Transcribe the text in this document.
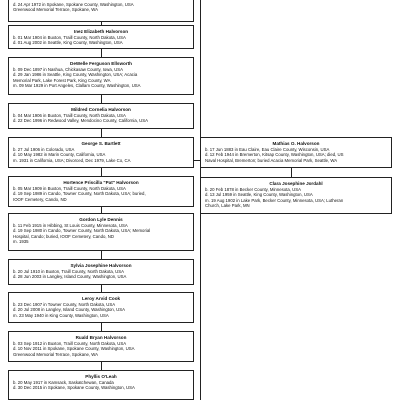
d. 24 Apr 1972 in Spokane, Spokane County, Washington, USA
Greenwood Memorial Terrace, Spokane, WA
Inez Elizabeth Halvorson
b. 01 Mar 1904 in Buxton, Traill County, North Dakota, USA
d. 01 Aug 2002 in Seattle, King County, Washington, USA
DeWelle Ferguson Ellsworth
b. 09 Dec 1897 in Nashua, Chickasaw County, Iowa, USA
d. 29 Jan 1986 in Seattle, King County, Washington, USA; Acacia
Memorial Park, Lake Forest Park, King County, WA
m. 09 Mar 1929 in Port Angeles, Clallam County, Washington, USA
Mildred Cornelia Halvorson
b. 04 Mar 1906 in Buxton, Traill County, North Dakota, USA
d. 22 Dec 1996 in Redwood Valley, Mendocino County, California, USA
George S. Bartlett
b. 27 Jul 1906 in Colorado, USA
d. 10 May 1982 in Marin County, California, USA
m. 1931 in California, USA; Divorced, Dec 1979, Lake Co, CA
Hortence Priscilla "Pat" Halvorson
b. 05 Mar 1909 in Buxton, Traill County, North Dakota, USA
d. 19 Sep 1989 in Cando, Towner County, North Dakota, USA; buried,
IOOF Cemetery, Cando, ND
Gordon Lyle Dennis
b. 11 Feb 1915 in Hibbing, St Louis County, Minnesota, USA
d. 19 Sep 1980 in Cando, Towner County, North Dakota, USA; Memorial
Hospital, Cando; buried, IOOF Cemetery, Cando, ND
m. 1935
Sylvia Josephine Halvorson
b. 20 Jul 1910 in Buxton, Traill County, North Dakota, USA
d. 28 Jun 2003 in Langley, Island County, Washington, USA
Leroy Arvid Cook
b. 23 Dec 1907 in Towner County, North Dakota, USA
d. 20 Jul 2008 in Langley, Island County, Washington, USA
m. 23 May 1940 in King County, Washington, USA
Ruald Bryan Halvorson
b. 03 Sep 1912 in Buxton, Traill County, North Dakota, USA
d. 10 Nov 2011 in Spokane, Spokane County, Washington, USA
Greenwood Memorial Terrace, Spokane, WA
Phyllis O'Leah
b. 20 May 1917 in Kamsack, Saskatchewan, Canada
d. 30 Dec 2015 in Spokane, Spokane County, Washington, USA
Mathias O. Halvorson
b. 17 Jun 1883 in Eau Claire, Eau Claire County, Wisconsin, USA
d. 12 Feb 1944 in Bremerton, Kitsap County, Washington, USA; died, US
Naval Hospital, Bremerton; buried Acacia Memorial Park, Seattle, WA
Clara Josephine Jordahl
b. 20 Feb 1878 in Becker County, Minnesota, USA
d. 13 Jul 1959 in Seattle, King County, Washington, USA
m. 19 Aug 1902 in Lake Park, Becker County, Minnesota, USA; Lutheran
Church, Lake Park, MN
